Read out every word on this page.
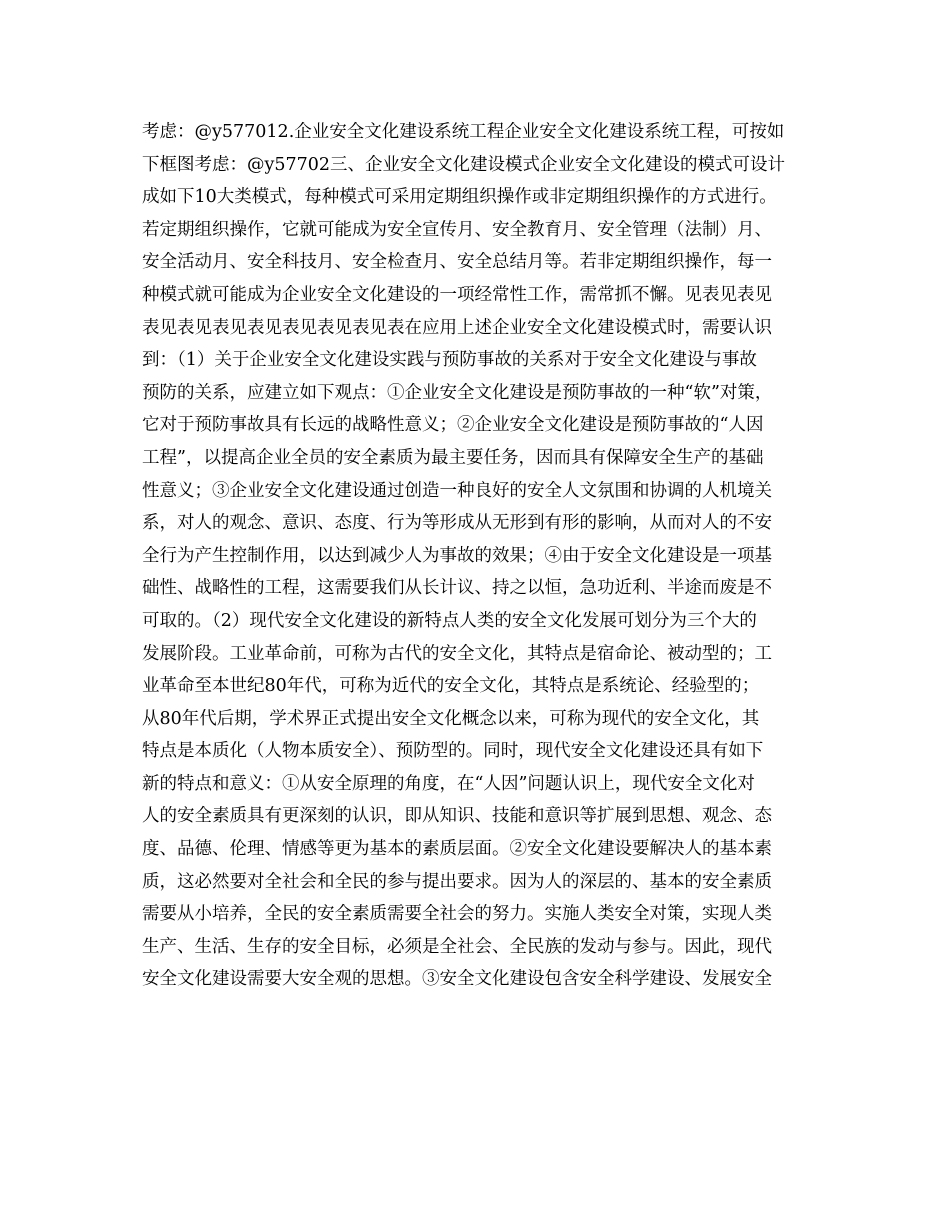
考虑：@y577012.企业安全文化建设系统工程企业安全文化建设系统工程，可按如
下框图考虑：@y57702三、企业安全文化建设模式企业安全文化建设的模式可设计
成如下10大类模式，每种模式可采用定期组织操作或非定期组织操作的方式进行。
若定期组织操作，它就可能成为安全宣传月、安全教育月、安全管理（法制）月、
安全活动月、安全科技月、安全检查月、安全总结月等。若非定期组织操作，每一
种模式就可能成为企业安全文化建设的一项经常性工作，需常抓不懈。见表见表见
表见表见表见表见表见表见表见表在应用上述企业安全文化建设模式时，需要认识
到：（1）关于企业安全文化建设实践与预防事故的关系对于安全文化建设与事故
预防的关系，应建立如下观点：①企业安全文化建设是预防事故的一种“软”对策，
它对于预防事故具有长远的战略性意义；②企业安全文化建设是预防事故的“人因
工程”，以提高企业全员的安全素质为最主要任务，因而具有保障安全生产的基础
性意义；③企业安全文化建设通过创造一种良好的安全人文氛围和协调的人机境关
系，对人的观念、意识、态度、行为等形成从无形到有形的影响，从而对人的不安
全行为产生控制作用，以达到减少人为事故的效果；④由于安全文化建设是一项基
础性、战略性的工程，这需要我们从长计议、持之以恒，急功近利、半途而废是不
可取的。（2）现代安全文化建设的新特点人类的安全文化发展可划分为三个大的
发展阶段。工业革命前，可称为古代的安全文化，其特点是宿命论、被动型的；工
业革命至本世纪80年代，可称为近代的安全文化，其特点是系统论、经验型的；
从80年代后期，学术界正式提出安全文化概念以来，可称为现代的安全文化，其
特点是本质化（人物本质安全）、预防型的。同时，现代安全文化建设还具有如下
新的特点和意义：①从安全原理的角度，在“人因”问题认识上，现代安全文化对
人的安全素质具有更深刻的认识，即从知识、技能和意识等扩展到思想、观念、态
度、品德、伦理、情感等更为基本的素质层面。②安全文化建设要解决人的基本素
质，这必然要对全社会和全民的参与提出要求。因为人的深层的、基本的安全素质
需要从小培养，全民的安全素质需要全社会的努力。实施人类安全对策，实现人类
生产、生活、生存的安全目标，必须是全社会、全民族的发动与参与。因此，现代
安全文化建设需要大安全观的思想。③安全文化建设包含安全科学建设、发展安全
